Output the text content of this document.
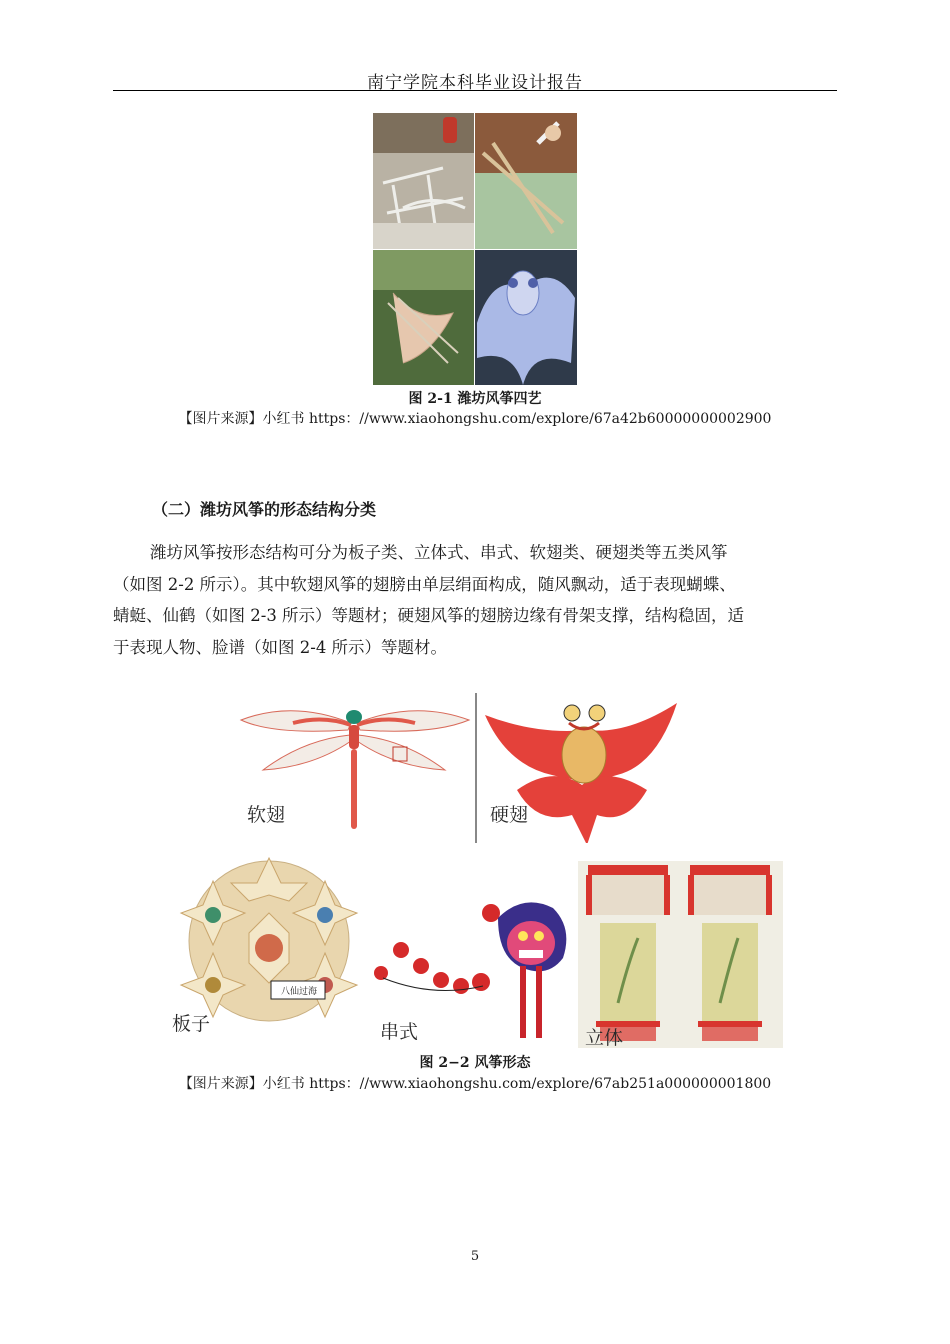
南宁学院本科毕业设计报告
图 2-1 潍坊风筝四艺
【图片来源】小红书 https：//www.xiaohongshu.com/explore/67a42b60000000002900
（二）潍坊风筝的形态结构分类
潍坊风筝按形态结构可分为板子类、立体式、串式、软翅类、硬翅类等五类风筝
（如图 2-2 所示）。其中软翅风筝的翅膀由单层绢面构成，随风飘动，适于表现蝴蝶、
蜻蜓、仙鹤（如图 2-3 所示）等题材；硬翅风筝的翅膀边缘有骨架支撑，结构稳固，适
于表现人物、脸谱（如图 2-4 所示）等题材。
软翅	硬翅
八仙过海
板子	串式	立体
图 2−2 风筝形态
【图片来源】小红书 https：//www.xiaohongshu.com/explore/67ab251a000000001800
5
